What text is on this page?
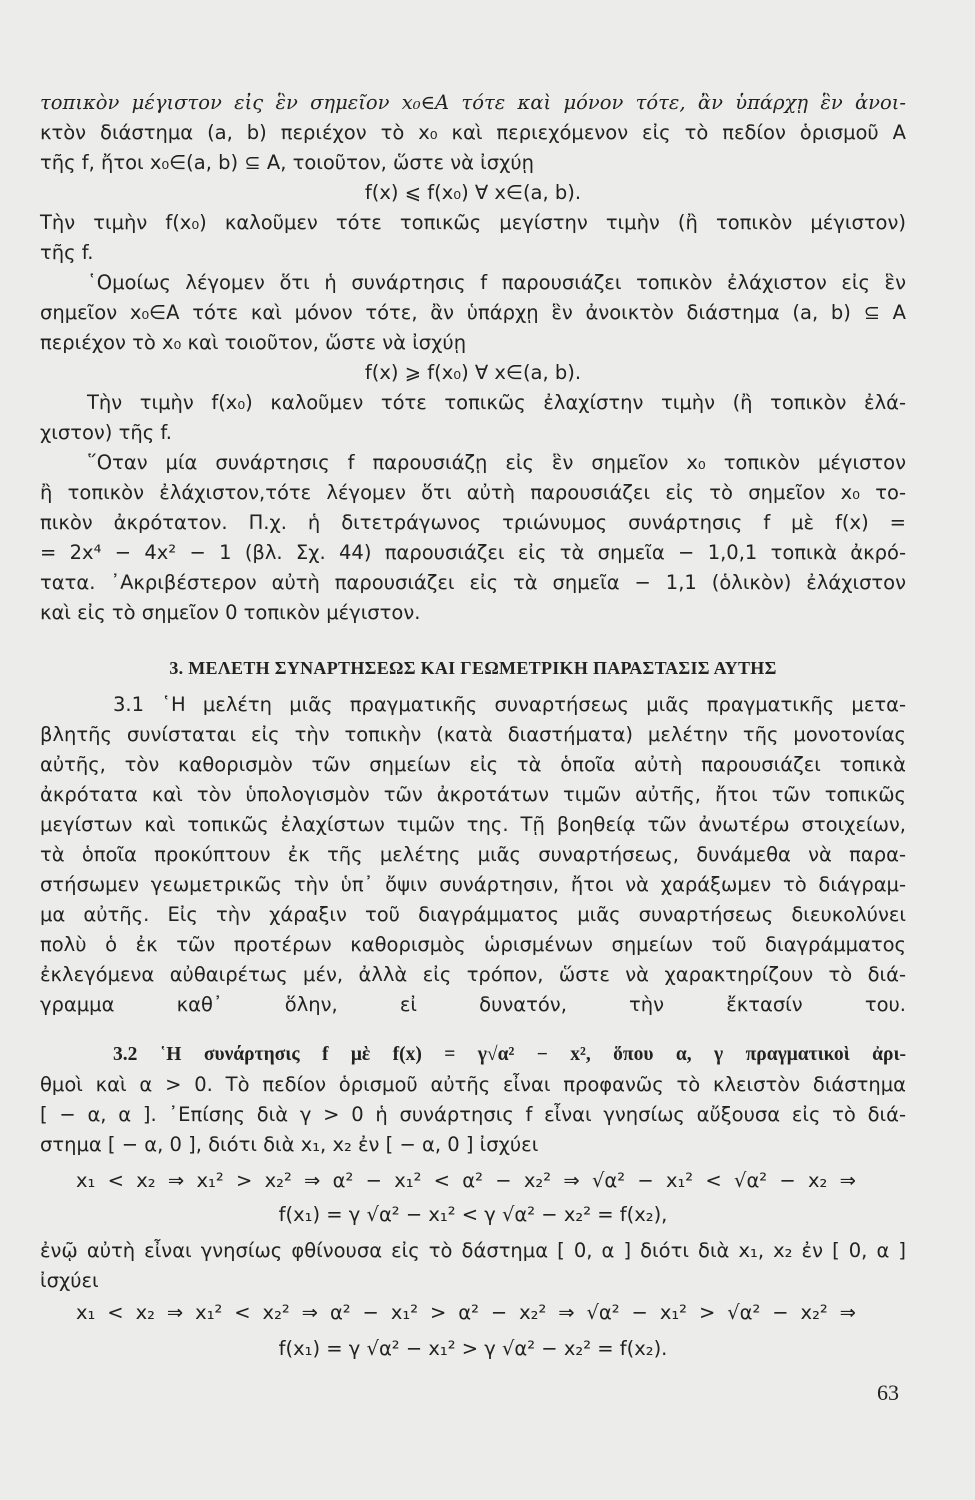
τοπικὸν μέγιστον εἰς ἓν σημεῖον x₀∈A τότε καὶ μόνον τότε, ἂν ὑπάρχῃ ἓν ἀνοι-
κτὸν διάστημα (a, b) περιέχον τὸ x₀ καὶ περιεχόμενον εἰς τὸ πεδίον ὁρισμοῦ A
τῆς f, ἤτοι x₀∈(a, b) ⊆ A, τοιοῦτον, ὥστε νὰ ἰσχύῃ
f(x) ⩽ f(x₀) ∀ x∈(a, b).
Τὴν τιμὴν f(x₀) καλοῦμεν τότε τοπικῶς μεγίστην τιμὴν (ἢ τοπικὸν μέγιστον)
τῆς f.
῾Ομοίως λέγομεν ὅτι ἡ συνάρτησις f παρουσιάζει τοπικὸν ἐλάχιστον εἰς ἓν
σημεῖον x₀∈A τότε καὶ μόνον τότε, ἂν ὑπάρχῃ ἓν ἀνοικτὸν διάστημα (a, b) ⊆ A
περιέχον τὸ x₀ καὶ τοιοῦτον, ὥστε νὰ ἰσχύῃ
f(x) ⩾ f(x₀) ∀ x∈(a, b).
Τὴν τιμὴν f(x₀) καλοῦμεν τότε τοπικῶς ἐλαχίστην τιμὴν (ἢ τοπικὸν ἐλά-
χιστον) τῆς f.
῞Οταν μία συνάρτησις f παρουσιάζῃ εἰς ἓν σημεῖον x₀ τοπικὸν μέγιστον
ἢ τοπικὸν ἐλάχιστον,τότε λέγομεν ὅτι αὐτὴ παρουσιάζει εἰς τὸ σημεῖον x₀ το-
πικὸν ἀκρότατον. Π.χ. ἡ διτετράγωνος τριώνυμος συνάρτησις f μὲ f(x) =
= 2x⁴ − 4x² − 1 (βλ. Σχ. 44) παρουσιάζει εἰς τὰ σημεῖα − 1,0,1 τοπικὰ ἀκρό-
τατα. ᾿Ακριβέστερον αὐτὴ παρουσιάζει εἰς τὰ σημεῖα − 1,1 (ὁλικὸν) ἐλάχιστον
καὶ εἰς τὸ σημεῖον 0 τοπικὸν μέγιστον.
3. ΜΕΛΕΤΗ ΣΥΝΑΡΤΗΣΕΩΣ ΚΑΙ ΓΕΩΜΕΤΡΙΚΗ ΠΑΡΑΣΤΑΣΙΣ ΑΥΤΗΣ
3.1 ῾Η μελέτη μιᾶς πραγματικῆς συναρτήσεως μιᾶς πραγματικῆς μετα-
βλητῆς συνίσταται εἰς τὴν τοπικὴν (κατὰ διαστήματα) μελέτην τῆς μονοτονίας
αὐτῆς, τὸν καθορισμὸν τῶν σημείων εἰς τὰ ὁποῖα αὐτὴ παρουσιάζει τοπικὰ
ἀκρότατα καὶ τὸν ὑπολογισμὸν τῶν ἀκροτάτων τιμῶν αὐτῆς, ἤτοι τῶν τοπικῶς
μεγίστων καὶ τοπικῶς ἐλαχίστων τιμῶν της. Τῇ βοηθείᾳ τῶν ἀνωτέρω στοιχείων,
τὰ ὁποῖα προκύπτουν ἐκ τῆς μελέτης μιᾶς συναρτήσεως, δυνάμεθα νὰ παρα-
στήσωμεν γεωμετρικῶς τὴν ὑπ᾿ ὄψιν συνάρτησιν, ἤτοι νὰ χαράξωμεν τὸ διάγραμ-
μα αὐτῆς. Εἰς τὴν χάραξιν τοῦ διαγράμματος μιᾶς συναρτήσεως διευκολύνει
πολὺ ὁ ἐκ τῶν προτέρων καθορισμὸς ὡρισμένων σημείων τοῦ διαγράμματος
ἐκλεγόμενα αὐθαιρέτως μέν, ἀλλὰ εἰς τρόπον, ὥστε νὰ χαρακτηρίζουν τὸ διά-
γραμμα καθ᾿ ὅλην, εἰ δυνατόν, τὴν ἔκτασίν του.
3.2 ῾Η συνάρτησις f μὲ f(x) = γ√α² − x², ὅπου α, γ πραγματικοὶ ἀρι-
θμοὶ καὶ α > 0. Τὸ πεδίον ὁρισμοῦ αὐτῆς εἶναι προφανῶς τὸ κλειστὸν διάστημα
[ − α, α ]. ᾿Επίσης διὰ γ > 0 ἡ συνάρτησις f εἶναι γνησίως αὔξουσα εἰς τὸ διά-
στημα [ − α, 0 ], διότι διὰ x₁, x₂ ἐν [ − α, 0 ] ἰσχύει
x₁ < x₂ ⇒ x₁² > x₂² ⇒ α² − x₁² < α² − x₂² ⇒ √α² − x₁² < √α² − x₂ ⇒
f(x₁) = γ √α² − x₁² < γ √α² − x₂² = f(x₂),
ἐνῷ αὐτὴ εἶναι γνησίως φθίνουσα εἰς τὸ δάστημα [ 0, α ] διότι διὰ x₁, x₂ ἐν [ 0, α ]
ἰσχύει
x₁ < x₂ ⇒ x₁² < x₂² ⇒ α² − x₁² > α² − x₂² ⇒ √α² − x₁² > √α² − x₂² ⇒
f(x₁) = γ √α² − x₁² > γ √α² − x₂² = f(x₂).
63
